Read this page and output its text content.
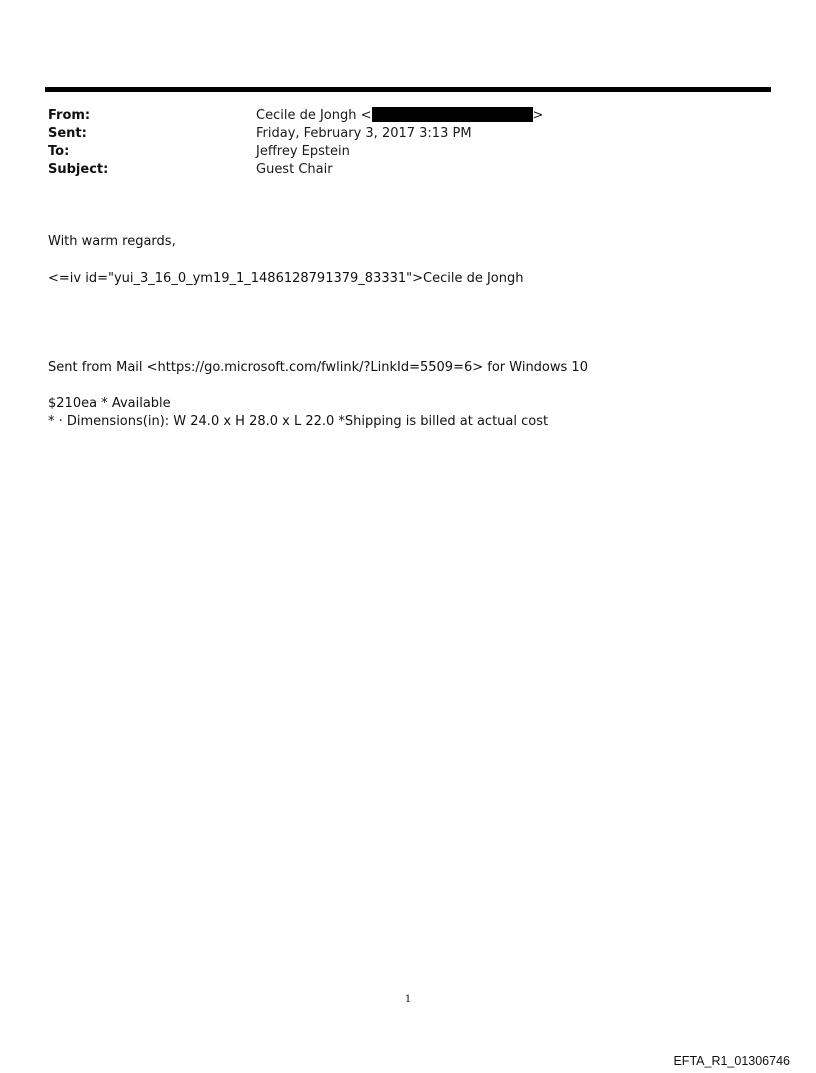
From:	Cecile de Jongh <	>
Sent:	Friday, February 3, 2017 3:13 PM
To:	Jeffrey Epstein
Subject:	Guest Chair
With warm regards,
<=iv id="yui_3_16_0_ym19_1_1486128791379_83331">Cecile de Jongh
Sent from Mail <https://go.microsoft.com/fwlink/?LinkId=5509=6> for Windows 10
$210ea * Available
* · Dimensions(in): W 24.0 x H 28.0 x L 22.0 *Shipping is billed at actual cost
1
EFTA_R1_01306746
